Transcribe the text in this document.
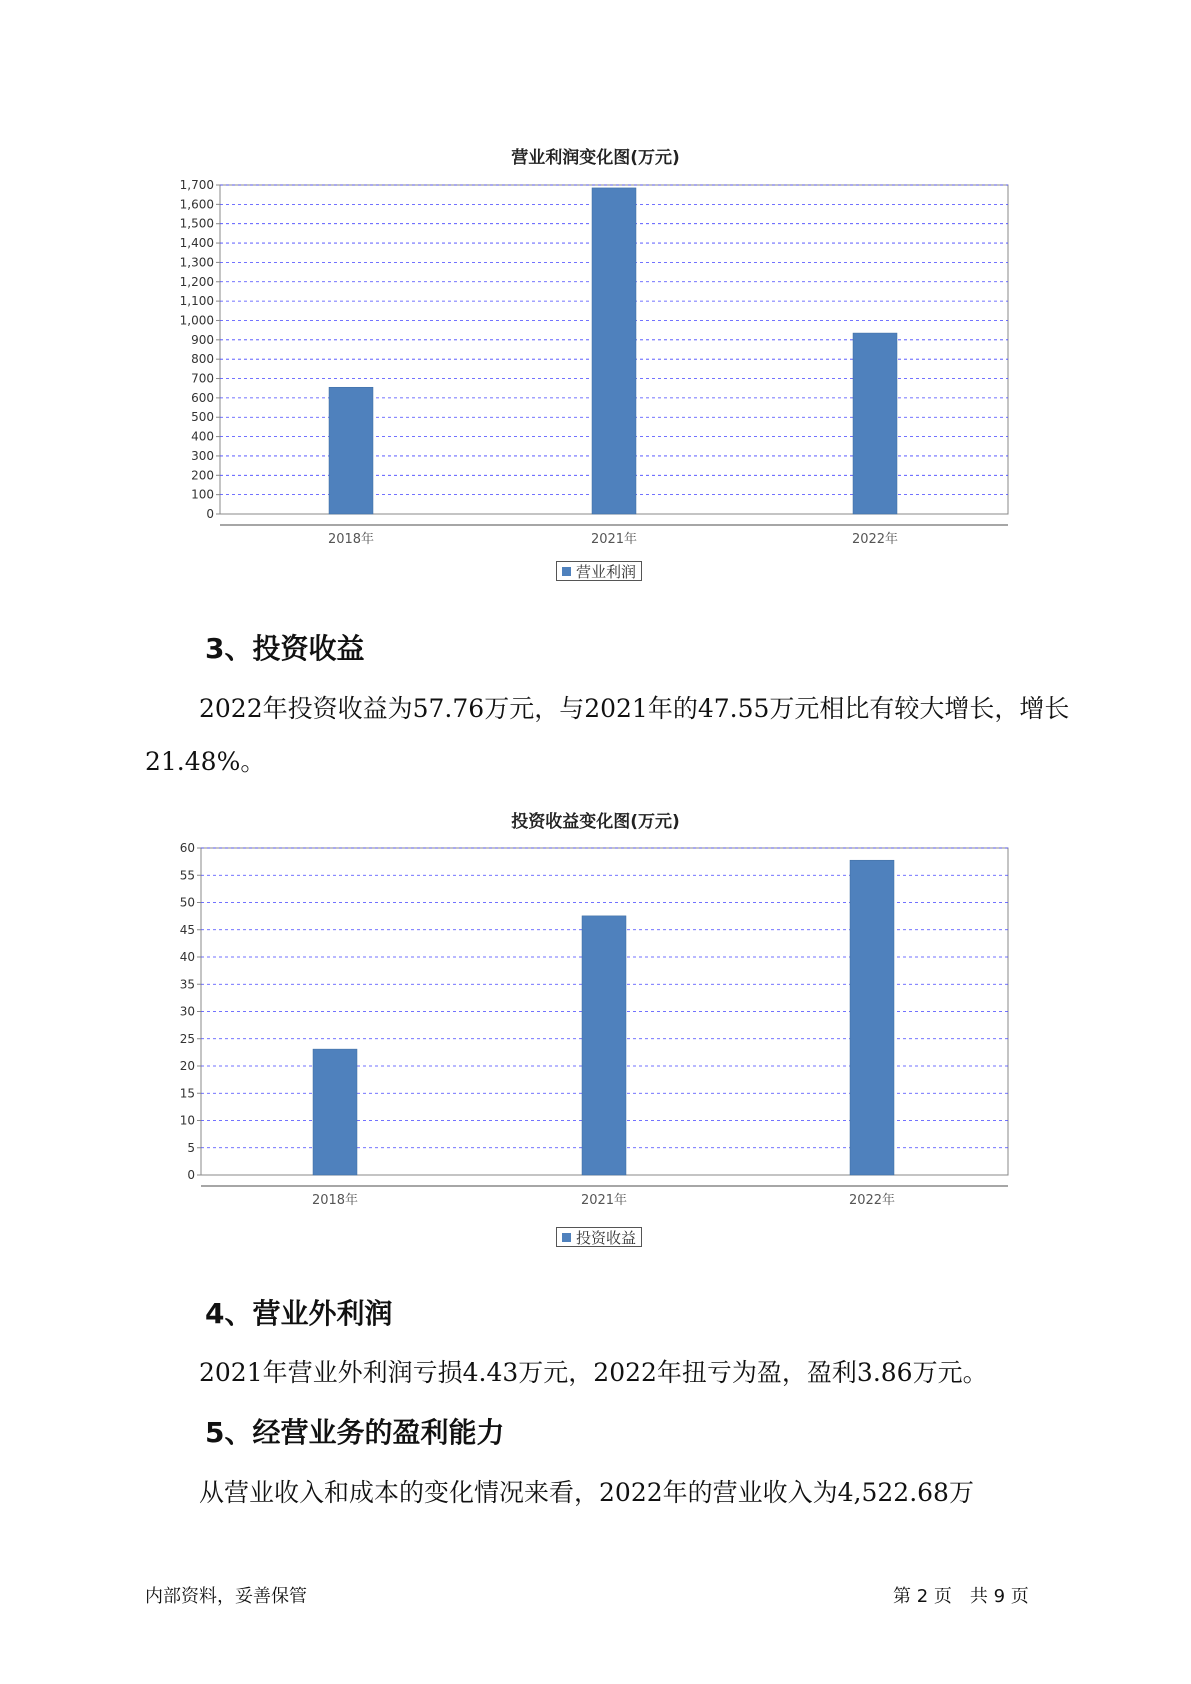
营业利润变化图(万元)
0
100
200
300
400
500
600
700
800
900
1,000
1,100
1,200
1,300
1,400
1,500
1,600
1,700
2018年	2021年	2022年
营业利润
3、投资收益

2022年投资收益为57.76万元，与2021年的47.55万元相比有较大增长，增长21.48%。

投资收益变化图(万元)
0
5
10
15
20
25
30
35
40
45
50
55
60
2018年	2021年	2022年
投资收益
4、营业外利润

2021年营业外利润亏损4.43万元，2022年扭亏为盈，盈利3.86万元。

5、经营业务的盈利能力

从营业收入和成本的变化情况来看，2022年的营业收入为4,522.68万

内部资料，妥善保管	第 2 页　共 9 页
